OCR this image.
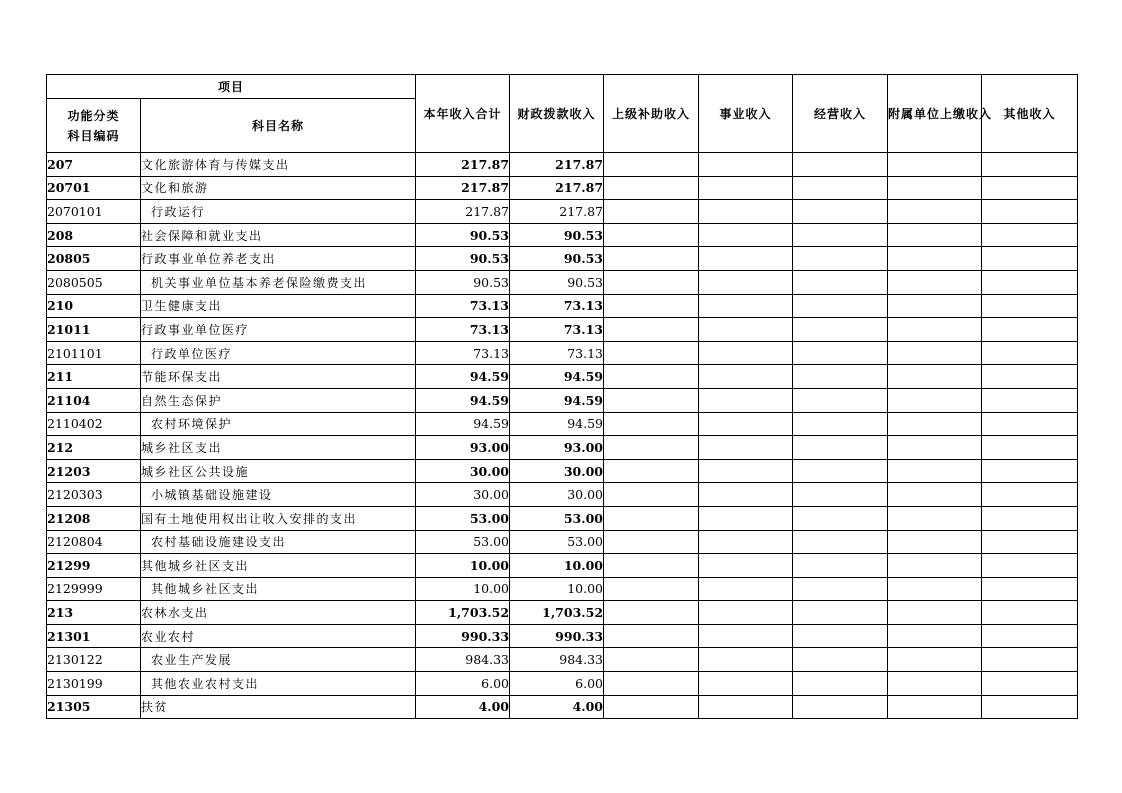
项目		本年收入合计	财政拨款收入	上级补助收入	事业收入	经营收入	附属单位上缴收入	其他收入

功能分类
科目编码	科目名称							
207	文化旅游体育与传媒支出	217.87	217.87					
20701	文化和旅游	217.87	217.87					
2070101	行政运行	217.87	217.87					
208	社会保障和就业支出	90.53	90.53					
20805	行政事业单位养老支出	90.53	90.53					
2080505	机关事业单位基本养老保险缴费支出	90.53	90.53					
210	卫生健康支出	73.13	73.13					
21011	行政事业单位医疗	73.13	73.13					
2101101	行政单位医疗	73.13	73.13					
211	节能环保支出	94.59	94.59					
21104	自然生态保护	94.59	94.59					
2110402	农村环境保护	94.59	94.59					
212	城乡社区支出	93.00	93.00					
21203	城乡社区公共设施	30.00	30.00					
2120303	小城镇基础设施建设	30.00	30.00					
21208	国有土地使用权出让收入安排的支出	53.00	53.00					
2120804	农村基础设施建设支出	53.00	53.00					
21299	其他城乡社区支出	10.00	10.00					
2129999	其他城乡社区支出	10.00	10.00					
213	农林水支出	1,703.52	1,703.52					
21301	农业农村	990.33	990.33					
2130122	农业生产发展	984.33	984.33					
2130199	其他农业农村支出	6.00	6.00					
21305	扶贫	4.00	4.00					
